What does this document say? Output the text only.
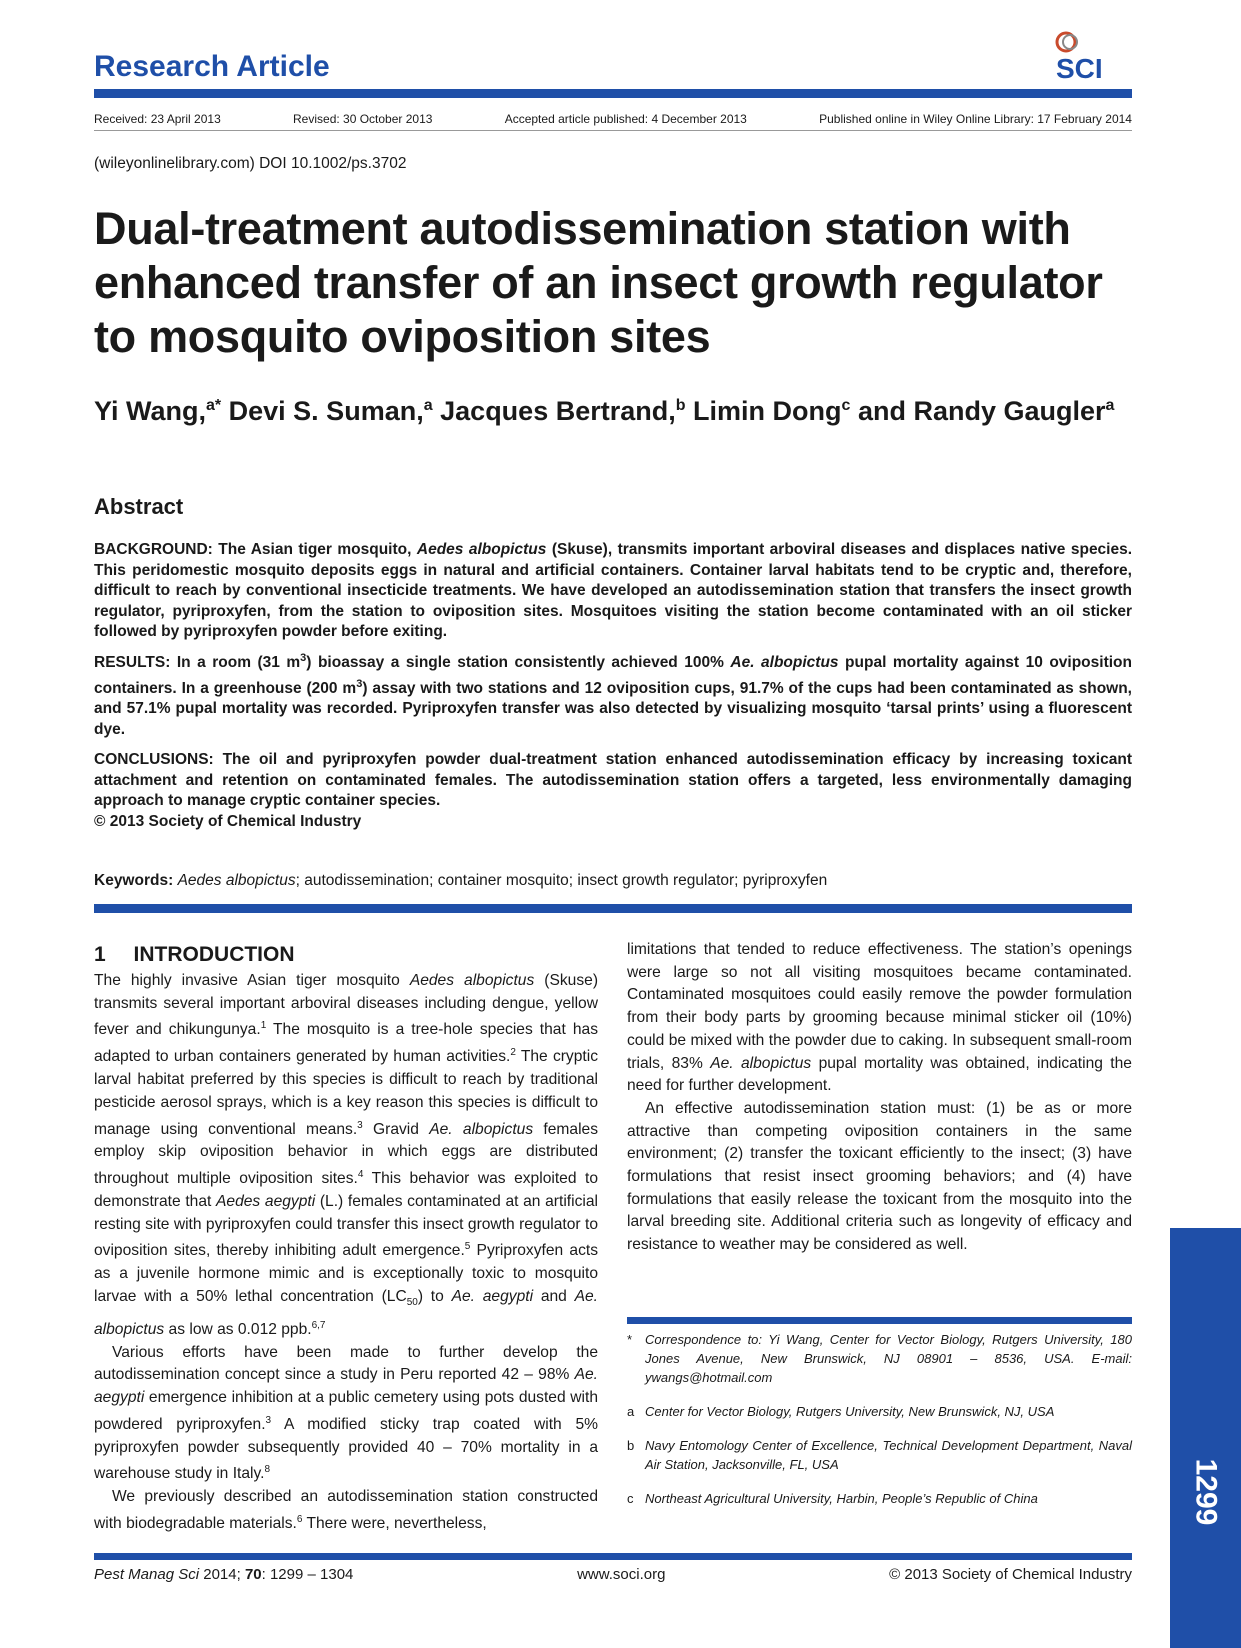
Research Article	SCI
Received: 23 April 2013	Revised: 30 October 2013	Accepted article published: 4 December 2013	Published online in Wiley Online Library: 17 February 2014
(wileyonlinelibrary.com) DOI 10.1002/ps.3702
Dual-treatment autodissemination station with enhanced transfer of an insect growth regulator to mosquito oviposition sites
Yi Wang,$^{a*}$ Devi S. Suman,$^a$ Jacques Bertrand,$^b$ Limin Dong$^c$ and Randy Gaugler$^a$
Abstract
BACKGROUND: The Asian tiger mosquito, Aedes albopictus (Skuse), transmits important arboviral diseases and displaces native species. This peridomestic mosquito deposits eggs in natural and artificial containers. Container larval habitats tend to be cryptic and, therefore, difficult to reach by conventional insecticide treatments. We have developed an autodissemination station that transfers the insect growth regulator, pyriproxyfen, from the station to oviposition sites. Mosquitoes visiting the station become contaminated with an oil sticker followed by pyriproxyfen powder before exiting.
RESULTS: In a room (31 $m^3$) bioassay a single station consistently achieved 100% Ae. albopictus pupal mortality against 10 oviposition containers. In a greenhouse (200 $m^3$) assay with two stations and 12 oviposition cups, 91.7% of the cups had been contaminated as shown, and 57.1% pupal mortality was recorded. Pyriproxyfen transfer was also detected by visualizing mosquito ‘tarsal prints’ using a fluorescent dye.
CONCLUSIONS: The oil and pyriproxyfen powder dual-treatment station enhanced autodissemination efficacy by increasing toxicant attachment and retention on contaminated females. The autodissemination station offers a targeted, less environmentally damaging approach to manage cryptic container species.
© 2013 Society of Chemical Industry
Keywords: Aedes albopictus; autodissemination; container mosquito; insect growth regulator; pyriproxyfen
1 INTRODUCTION

The highly invasive Asian tiger mosquito Aedes albopictus (Skuse) transmits several important arboviral diseases including dengue, yellow fever and chikungunya.$^1$ The mosquito is a tree-hole species that has adapted to urban containers generated by human activities.$^2$ The cryptic larval habitat preferred by this species is difficult to reach by traditional pesticide aerosol sprays, which is a key reason this species is difficult to manage using conventional means.$^3$ Gravid Ae. albopictus females employ skip oviposition behavior in which eggs are distributed throughout multiple oviposition sites.$^4$ This behavior was exploited to demonstrate that Aedes aegypti (L.) females contaminated at an artificial resting site with pyriproxyfen could transfer this insect growth regulator to oviposition sites, thereby inhibiting adult emergence.$^5$ Pyriproxyfen acts as a juvenile hormone mimic and is exceptionally toxic to mosquito larvae with a 50% lethal concentration $(LC_{50})$ to Ae. aegypti and Ae. albopictus as low as 0.012 ppb.$^{6,7}$

Various efforts have been made to further develop the autodissemination concept since a study in Peru reported 42 – 98% Ae. aegypti emergence inhibition at a public cemetery using pots dusted with powdered pyriproxyfen.$^3$ A modified sticky trap coated with 5% pyriproxyfen powder subsequently provided 40 – 70% mortality in a warehouse study in Italy.$^8$

We previously described an autodissemination station constructed with biodegradable materials.$^6$ There were, nevertheless,

limitations that tended to reduce effectiveness. The station’s openings were large so not all visiting mosquitoes became contaminated. Contaminated mosquitoes could easily remove the powder formulation from their body parts by grooming because minimal sticker oil (10%) could be mixed with the powder due to caking. In subsequent small-room trials, 83% Ae. albopictus pupal mortality was obtained, indicating the need for further development.

An effective autodissemination station must: (1) be as or more attractive than competing oviposition containers in the same environment; (2) transfer the toxicant efficiently to the insect; (3) have formulations that resist insect grooming behaviors; and (4) have formulations that easily release the toxicant from the mosquito into the larval breeding site. Additional criteria such as longevity of efficacy and resistance to weather may be considered as well.

* Correspondence to: Yi Wang, Center for Vector Biology, Rutgers University, 180 Jones Avenue, New Brunswick, NJ 08901 – 8536, USA. E-mail: ywangs@hotmail.com
a Center for Vector Biology, Rutgers University, New Brunswick, NJ, USA
b Navy Entomology Center of Excellence, Technical Development Department, Naval Air Station, Jacksonville, FL, USA
c Northeast Agricultural University, Harbin, People’s Republic of China	1299
Pest Manag Sci 2014; 70: 1299 – 1304	www.soci.org	© 2013 Society of Chemical Industry
